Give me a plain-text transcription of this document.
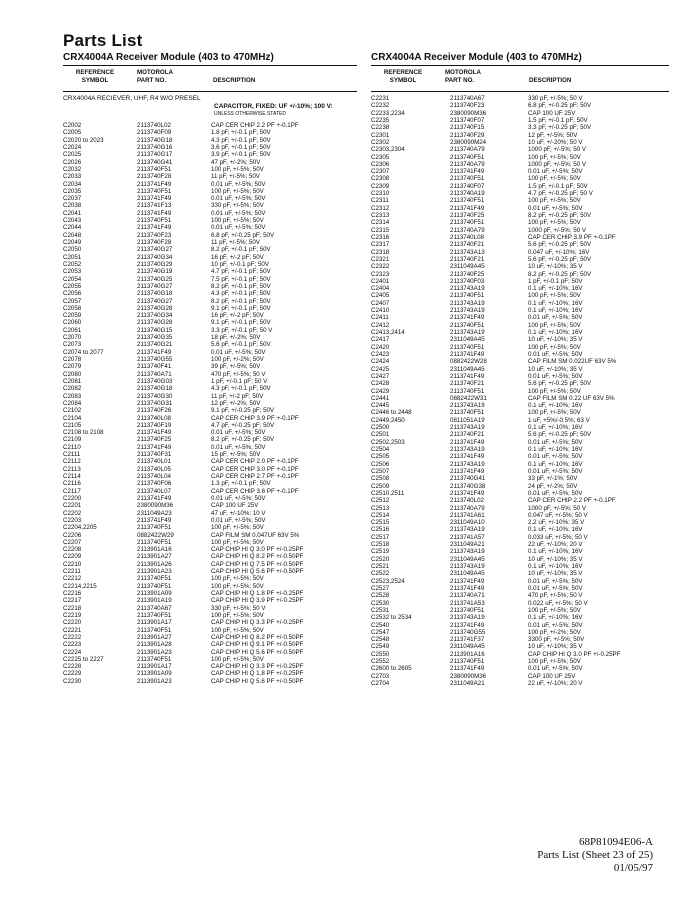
Parts List
CRX4004A Receiver Module (403 to 470MHz)
REFERENCE
SYMBOL
MOTOROLA
PART NO.	DESCRIPTION
CRX4004A RECIEVER, UHF, R4 W/O PRESEL
CAPACITOR, FIXED: UF +/-10%; 100 V:
UNLESS OTHERWISE STATED
C2002	2113740L02	CAP CER CHIP 2.2 PF +-0.1PF
C2005	2113740F09	1.8 pF, +/-0.1 pF; 50V
C2020 to 2023	2113740G18	4.3 pF, +/-0.1 pF; 50V
C2024	2113740G16	3.6 pF, +/-0.1 pF; 50V
C2025	2113740G17	3.9 pF, +/-0.1 pF; 50V
C2026	2113740G41	47 pF, +/-2%; 50V
C2032	2113740F51	100 pF, +/-5%; 50V
C2033	2113740F28	11 pF, +/-5%; 50V
C2034	2113741F49	0.01 uF, +/-5%; 50V
C2035	2113740F51	100 pF, +/-5%; 50V
C2037	2113741F49	0.01 uF, +/-5%; 50V
C2038	2113741F13	330 pF, +/-5%; 50V
C2041	2113741F49	0.01 uF, +/-5%; 50V
C2043	2113740F51	100 pF, +/-5%; 50V
C2044	2113741F49	0.01 uF, +/-5%; 50V
C2048	2113740F23	6.8 pF, +/-0.25 pF; 50V
C2049	2113740F28	11 pF, +/-5%; 50V
C2050	2113740G27	8.2 pF, +/-0.1 pF; 50V
C2051	2113740G34	16 pF, +/-2 pF; 50V
C2052	2113740G29	10 pF, +/-0.1 pF; 50V
C2053	2113740G19	4.7 pF, +/-0.1 pF; 50V
C2054	2113740G25	7.5 pF, +/-0.1 pF; 50V
C2055	2113740G27	8.2 pF, +/-0.1 pF; 50V
C2056	2113740G18	4.3 pF, +/-0.1 pF; 50V
C2057	2113740G27	8.2 pF, +/-0.1 pF; 50V
C2058	2113740G28	9.1 pF, +/-0.1 pF; 50V
C2059	2113740G34	16 pF, +/-2 pF; 50V
C2060	2113740G28	9.1 pF, +/-0.1 pF; 50V
C2061	2113740G15	3.3 pF, +/-0.1 pF; 50 V
C2070	2113740G35	18 pF, +/-2%; 50V
C2073	2113740G21	5.6 pF, +/-0.1 pF; 50V
C2074 to 2077	2113741F49	0.01 uF, +/-5%; 50V
C2078	2113740G55	100 pF, +/-2%; 50V
C2079	2113740F41	39 pF, +/-5%; 50V
C2080	2113740A71	470 pF, +/-5%; 50 V
C2081	2113740G03	1 pF, +/-0.1 pF; 50 V
C2082	2113740G18	4.3 pF, +/-0.1 pF; 50V
C2083	2113740G30	11 pF, +/-2 pF; 50V
C2084	2113740G31	12 pF, +/-2%; 50V
C2102	2113740F26	9.1 pF, +/-0.25 pF; 50V
C2104	2113740L08	CAP CER CHIP 3.9 PF +-0.1PF
C2105	2113740F19	4.7 pF, +/-0.25 pF; 50V
C2108 to 2108	2113741F49	0.01 uF, +/-5%; 50V
C2109	2113740F25	8.2 pF, +/-0.25 pF; 50V
C2110	2113741F49	0.01 uF, +/-5%; 50V
C2111	2113740F31	15 pF, +/-5%; 50V
C2112	2113740L01	CAP CER CHIP 2.0 PF +-0.1PF
C2113	2113740L05	CAP CER CHIP 3.0 PF +-0.1PF
C2114	2113740L04	CAP CER CHIP 2.7 PF +-0.1PF
C2116	2113740F06	1.3 pF, +/-0.1 pF; 50V
C2117	2113740L07	CAP CER CHIP 3.6 PF +-0.1PF
C2200	2113741F49	0.01 uF, +/-5%; 50V
C2201	2380090M36	CAP 100 UF 25V
C2202	2311049A23	47 uF, +/-10%; 10 V
C2203	2113741F49	0.01 uF, +/-5%; 50V
C2204,2205	2113740F51	100 pF, +/-5%; 50V
C2206	0882422W29	CAP FILM SM 0.047UF 63V 5%
C2207	2113740F51	100 pF, +/-5%; 50V
C2208	2113901A16	CAP CHIP HI Q 3.0 PF +/-0.25PF
C2209	2113901A27	CAP CHIP HI Q 8.2 PF +/-0.50PF
C2210	2113901A26	CAP CHIP HI Q 7.5 PF +/-0.50PF
C2211	2113901A23	CAP CHIP HI Q 5.6 PF +/-0.50PF
C2212	2113740F51	100 pF, +/-5%; 50V
C2214,2215	2113740F51	100 pF, +/-5%; 50V
C2216	2113901A09	CAP CHIP HI Q 1.8 PF +/-0.25PF
C2217	2113901A19	CAP CHIP HI Q 3.9 PF +/-0.25PF
C2218	2113740A67	330 pF, +/-5%; 50 V
C2219	2113740F51	100 pF, +/-5%; 50V
C2220	2113901A17	CAP CHIP HI Q 3.3 PF +/-0.25PF
C2221	2113740F51	100 pF, +/-5%; 50V
C2222	2113901A27	CAP CHIP HI Q 8.2 PF +/-0.50PF
C2223	2113901A28	CAP CHIP HI Q 9.1 PF +/-0.50PF
C2224	2113901A23	CAP CHIP HI Q 5.6 PF +/-0.50PF
C2225 to 2227	2113740F51	100 pF, +/-5%; 50V
C2228	2113901A17	CAP CHIP HI Q 3.3 PF +/-0.25PF
C2229	2113901A09	CAP CHIP HI Q 1.8 PF +/-0.25PF
C2230	2113901A23	CAP CHIP HI Q 5.6 PF +/-0.50PF
CRX4004A Receiver Module (403 to 470MHz)
REFERENCE
SYMBOL
MOTOROLA
PART NO.	DESCRIPTION
C2231	2113740A67	330 pF, +/-5%; 50 V
C2232	2113740F23	6.8 pF, +/-0.25 pF; 50V
C2233,2234	2380090M36	CAP 100 UF 25V
C2235	2113740F07	1.5 pF, +/-0.1 pF; 50V
C2238	2113740F15	3.3 pF, +/-0.25 pF; 50V
C2301	2113740F29	12 pF, +/-5%; 50V
C2302	2380090M24	10 uF, +/-20%; 50 V
C2303,2304	2113740A79	1000 pF, +/-5%; 50 V
C2305	2113740F51	100 pF, +/-5%; 50V
C2306	2113740A79	1000 pF, +/-5%; 50 V
C2307	2113741F49	0.01 uF, +/-5%; 50V
C2308	2113740F51	100 pF, +/-5%; 50V
C2309	2113740F07	1.5 pF, +/-0.1 pF; 50V
C2310	2113740A19	4.7 pF, +/-0.25 pF; 50 V
C2311	2113740F51	100 pF, +/-5%; 50V
C2312	2113741F49	0.01 uF, +/-5%; 50V
C2313	2113740F25	8.2 pF, +/-0.25 pF; 50V
C2314	2113740F51	100 pF, +/-5%; 50V
C2315	2113740A79	1000 pF, +/-5%; 50 V
C2316	2113740L08	CAP CER CHIP 3.9 PF +-0.1PF
C2317	2113740F21	5.6 pF, +/-0.25 pF; 50V
C2318	2113743A13	0.047 uF, +/-10%; 16V
C2321	2113740F21	5.6 pF, +/-0.25 pF; 50V
C2322	2311049A45	10 uF, +/-10%; 35 V
C2323	2113740F25	8.2 pF, +/-0.25 pF; 50V
C2401	2113740F03	1 pF, +/-0.1 pF; 50V
C2404	2113743A19	0.1 uF, +/-10%; 16V
C2405	2113740F51	100 pF, +/-5%; 50V
C2407	2113743A19	0.1 uF, +/-10%; 16V
C2410	2113743A19	0.1 uF, +/-10%; 16V
C2411	2113741F49	0.01 uF, +/-5%; 50V
C2412	2113740F51	100 pF, +/-5%; 50V
C2413,2414	2113743A19	0.1 uF, +/-10%; 16V
C2417	2311049A45	10 uF, +/-10%; 35 V
C2420	2113740F51	100 pF, +/-5%; 50V
C2423	2113741F49	0.01 uF, +/-5%; 50V
C2424	0882422W28	CAP FILM SM 0.022UF 63V 5%
C2425	2311049A45	10 uF, +/-10%; 35 V
C2427	2113741F49	0.01 uF, +/-5%; 50V
C2428	2113740F21	5.6 pF, +/-0.25 pF; 50V
C2429	2113740F51	100 pF, +/-5%; 50V
C2441	0882422W31	CAP FILM SM 0.22 UF 63V 5%
C2445	2113743A19	0.1 uF, +/-10%; 16V
C2446 to 2448	2113740F51	100 pF, +/-5%; 50V
C2449,2450	0811051A19	1 uF, +5%/-0.5%; 63 V
C2500	2113743A19	0.1 uF, +/-10%; 16V
C2501	2113740F21	5.6 pF, +/-0.25 pF; 50V
C2502,2503	2113741F49	0.01 uF, +/-5%; 50V
C2504	2113743A19	0.1 uF, +/-10%; 16V
C2505	2113741F49	0.01 uF, +/-5%; 50V
C2506	2113743A19	0.1 uF, +/-10%; 16V
C2507	2113741F49	0.01 uF, +/-5%; 50V
C2508	2113740G41	33 pF, +/-1%; 50V
C2509	2113740G38	24 pF, +/-2%; 50V
C2510,2511	2113741F49	0.01 uF, +/-5%; 50V
C2512	2113740L02	CAP CER CHIP 2.2 PF +-0.1PF
C2513	2113740A79	1000 pF, +/-5%; 50 V
C2514	2113741A61	0.047 uF, +/-5%; 50 V
C2515	2311049A10	2.2 uF, +/-10%; 35 V
C2516	2113743A19	0.1 uF, +/-10%; 16V
C2517	2113741A57	0.033 uF, +/-5%; 50 V
C2518	2311049A21	22 uF, +/-10%; 20 V
C2519	2113743A19	0.1 uF, +/-10%; 16V
C2520	2311049A45	10 uF, +/-10%; 35 V
C2521	2113743A19	0.1 uF, +/-10%; 16V
C2522	2311049A45	10 uF, +/-10%; 35 V
C2523,2524	2113741F49	0.01 uF, +/-5%; 50V
C2527	2113741F49	0.01 uF, +/-5%; 50V
C2528	2113740A71	470 pF, +/-5%; 50 V
C2530	2113741A53	0.022 uF, +/-5%; 50 V
C2531	2113740F51	100 pF, +/-5%; 50V
C2532 to 2534	2113743A19	0.1 uF, +/-10%; 16V
C2540	2113741F49	0.01 uF, +/-5%; 50V
C2547	2113740G55	100 pF, +/-2%; 50V
C2548	2113741F37	3300 pF, +/-5%; 50V
C2549	2311049A45	10 uF, +/-10%; 35 V
C2550	2113901A16	CAP CHIP HI Q 3.0 PF +/-0.25PF
C2552	2113740F51	100 pF, +/-5%; 50V
C2600 to 2605	2113741F49	0.01 uF, +/-5%; 50V
C2703	2380090M36	CAP 100 UF 25V
C2704	2311049A21	22 uF, +/-10%; 20 V
68P81094E06-A
Parts List (Sheet 23 of 25)
01/05/97
